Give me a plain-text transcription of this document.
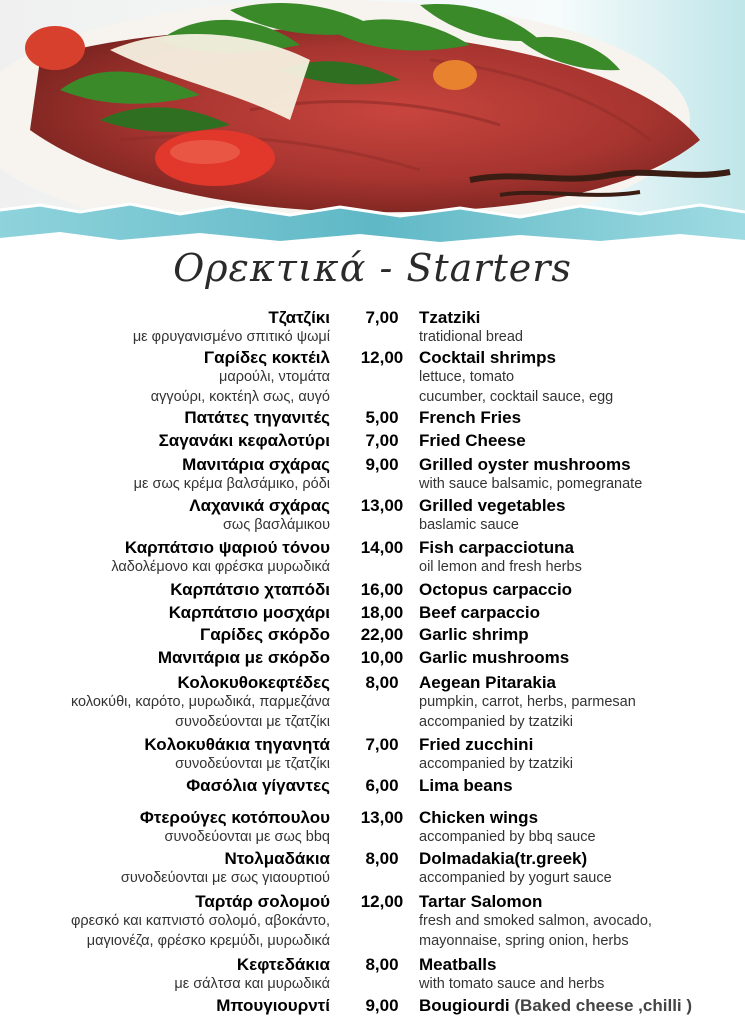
Ορεκτικά - Starters
Τζατζίκι	7,00	Tzatziki
με φρυγανισμένο σπιτικό ψωμί	tratidional bread
Γαρίδες κοκτέιλ	12,00 Cocktail shrimps
μαρούλι, ντομάτα
αγγούρι, κοκτέηλ σως, αυγό
lettuce, tomato
cucumber, cocktail sauce, egg
Πατάτες τηγανιτές	5,00	French Fries
Σαγανάκι κεφαλοτύρι	7,00	Fried Cheese
Μανιτάρια σχάρας	9,00	Grilled oyster mushrooms
με σως κρέμα βαλσάμικο, ρόδι	with sauce balsamic, pomegranate
Λαχανικά σχάρας	13,00 Grilled vegetables
σως βασλάμικου	baslamic sauce
Καρπάτσιο ψαριού τόνου	14,00 Fish carpacciotuna
λαδολέμονο και φρέσκα μυρωδικά	oil lemon and fresh herbs
Καρπάτσιο χταπόδι	16,00 Octopus carpaccio
Καρπάτσιο μοσχάρι	18,00 Beef carpaccio
Γαρίδες σκόρδο	22,00 Garlic shrimp
Μανιτάρια με σκόρδο	10,00 Garlic mushrooms
Κολοκυθοκεφτέδες	8,00	Aegean Pitarakia
κολοκύθι, καρότο, μυρωδικά, παρμεζάνα
συνοδεύονται με τζατζίκι
pumpkin, carrot, herbs, parmesan
accompanied by tzatziki
Κολοκυθάκια τηγανητά	7,00	Fried zucchini
συνοδεύονται με τζατζίκι	accompanied by tzatziki
Φασόλια γίγαντες	6,00	Lima beans
Φτερούγες κοτόπουλου	13,00 Chicken wings
συνοδεύονται με σως bbq	accompanied by bbq sauce
Ντολμαδάκια	8,00	Dolmadakia(tr.greek)
συνοδεύονται με σως γιαουρτιού	accompanied by yogurt sauce
Ταρτάρ σολομού	12,00 Tartar Salomon
φρεσκό και καπνιστό σολομό, αβοκάντο,
μαγιονέζα, φρέσκο κρεμύδι, μυρωδικά
fresh and smoked salmon, avocado,
mayonnaise, spring onion, herbs
Κεφτεδάκια	8,00	Meatballs
με σάλτσα και μυρωδικά	with tomato sauce and herbs
Μπουγιουρντί	9,00	Bougiourdi (Baked cheese ,chilli )
